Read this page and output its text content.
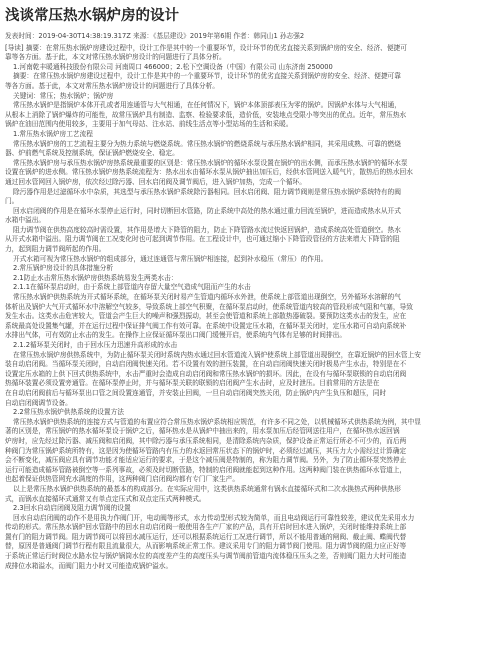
浅谈常压热水锅炉房的设计

发表时间：2019-04-30T14:38:19.317Z 来源：《基层建设》2019年第6期 作者：韩同山1 孙志强2

[导读] 摘要：在常压热水锅炉房建设过程中，设计工作是其中的一个重要环节，设计环节的优劣直接关系到锅炉房的安全、经济、便捷可

靠等各方面。基于此，本文对常压热水锅炉房设计的问题进行了具体分析。

1.河南乾丰暖通科技股份有限公司 河南周口 466000；2.松下空调设备（中国）有限公司 山东济南 250000

摘要：在常压热水锅炉房建设过程中，设计工作是其中的一个重要环节，设计环节的优劣直接关系到锅炉房的安全、经济、便捷可靠

等各方面。基于此，本文对常压热水锅炉房设计的问题进行了具体分析。

关键词：常压；热水锅炉；锅炉房

常压热水锅炉是指锅炉本体开孔或者用连通管与大气相通，在任何情况下，锅炉本体顶部表压为零的锅炉。因锅炉水体与大气相通，

从根本上消除了锅炉爆炸的可能性，故常压锅炉具有制造、监察、检验要求低，造价低，安装地点受限小等突出的优点。近年，常压热水

锅炉在油田范围内使用较多，主要用于加气母站、注水站、前线生活点等小型站场的生活和采暖。

1.常压热水锅炉房工艺流程

常压热水锅炉房的工艺流程主要分为热力系统与燃烧系统。常压热水锅炉的燃烧系统与承压热水锅炉相同，其采用成熟、可靠的燃烧

器、炉前燃气系统及控制系统，保证锅炉燃烧安全、稳定。

常压热水锅炉房与承压热水锅炉房热系统最重要的区别是：常压热水锅炉的循环水泵设置在锅炉的出水侧，而承压热水锅炉的循环水泵

设置在锅炉的进水侧。常压热水锅炉房热系统流程为：热水出水由循环水泵从锅炉抽出加压后，经供水管网送入暖气片，散热后的热水回水

通过回水管网回入锅炉房，依次经过除污器、回水启闭阀及调节阀后，进入锅炉加热，完成一个循环。

除污器作用是过滤循环水中杂质，其选型与承压热水锅炉系统除污器相同。回水启闭阀、阻力调节阀则是常压热水锅炉系统特有的阀

门。

回水启闭阀的作用是在循环水泵停止运行时，同时切断回水管路，防止系统中高处的热水通过重力回流至锅炉，进而造成热水从开式

水箱中溢出。

阻力调节阀在供热高度较高时需设置，其作用是增大下降管的阻力，防止下降管路水流过快返回锅炉，造成系统高处管道倒空。热水

从开式水箱中溢出。阻力调节阀在工况变化时也可起到调节作用。在工程设计中，也可通过缩小下降管段管径的方法来增大下降管的阻

力，起到阻力调节阀所起的作用。

开式水箱可视为常压热水锅炉的组成部分，通过连通管与常压锅炉相连接，起到补水稳压（常压）的作用。

2.常压锅炉房设计的具体措施分析

2.1防止水击常压热水锅炉房供热系统易发生两类水击：

2.1.1在循环泵启动时，由于系统上部管道内存留大量空气造成气阻而产生的水击

常压热水锅炉供热系统为开式循环系统，在循环泵关闭时易产生管道内循环水外泄，使系统上部管道出现倒空，另外循环水溶解的气

体析出及锅炉大气开式循环水中溶解空气较多，导致系统上部空气积聚，在循环泵启动时，使系统管道内较高的管段形成气阻和气塞，导致

发生水击。这类水击危害较大，管道会产生巨大的噪声和强烈振动，甚至会使管道和系统上部散热器破裂。要预防这类水击的发生，应在

系统最高处设置集气罐，并在运行过程中保证排气阀工作有效可靠。在系统中设置定压水箱，在循环泵关闭时，定压水箱可自动向系统补

水排出气体，可有效防止水击的发生。在操作上应保证循环泵出口阀门缓慢开启，使系统内气体有足够的时间排出。

2.1.2循环泵关闭时，由于回水压力迅速升高形成的水击

在常压热水锅炉房供热系统中，为防止循环泵关闭时系统内热水通过回水管道流入锅炉使系统上部管道出现倒空，在靠近锅炉的回水管上安

装自动启闭阀。当循环泵关闭时，自动启闭阀快速关闭。若不设置有效的泄压装置，在自动启闭阀快速关闭时极易产生水击，特别是在不

设置定压水箱的上供下回式供热系统中，水击严重时会造成自动启闭阀和常压热水锅炉的损坏。因此，在设有与循环泵联锁的自动启闭阀

热循环装置必须设置旁通管。在循环泵停止时，并与循环泵关联的联锁的启闭阀产生水击时，应及时泄压。目前常用的方法是在

在自动启闭阀前后与循环泵出口管之间设置连通管，并安装止回阀，一旦自动启闭阀突然关闭，防止锅炉内产生负压和超压，同时

自动启闭阀调节设备。

2.2常压热水锅炉供热系统的设置方法

常压热水锅炉供热系统的连接方式与管道的布置应符合常压热水锅炉系统相应规范，有许多不同之处，以机械循环式供热系统为例，其中显

著的区别是，常压锅炉的热水循环泵设于锅炉之后，循环热水是从锅炉中抽出来的，用水泵加压后经管网送往用户，在循环热水返回锅

炉房时，应先经过除污器、减压阀和启闭阀，其中除污器与承压系统相同，是清除系统内杂质，保护设备正常运行所必不可少的，而后两

种阀门为常压锅炉系统所特有，这是因为使循环管路内有压力的水返回常压状态下的锅炉时，必须经过减压，其压力大小需经过计算确定

会不断变化，减压阀应具有调节功能才能适应运行的要求，于是这个减压阀是特制的，称为阻力调节阀。另外，为了防止循环泵突然停止

运行可能造成循环管路被倒空等一系列事故，必须及时切断管路，特制的启闭阀就能起到这种作用。这两种阀门装在供热循环水管道上，

也起着保证供热管网充水满度的作用，这两种阀门启闭阀均都有专门厂家生产。

以上是常压热水锅炉供热系统的最基本的构成部分。在实际应用中，这类供热系统通常有锅水直接循环式和二次水换热式两种供热形

式，而锅水直接循环式通常又有单点定压式和双点定压式两种模式。

2.3回水自动启闭阀及阻力调节阀的设置

回水自动启闭阀的动作不是用执力作阀门开，电动阀等形式，水力传动型形式较为简单，而且电动阀运行可靠性较差，建议优先采用水力

传动的形式。常压热水锅炉回水管路中的回水自动启闭阀一般使用各生产厂家的产品，具有开启时回水进入锅炉，关闭时能维持系统上部

置有门的阻力调节阀。阻力调节阀可以将回水减压运行，还可以根据系统运行工况进行调节，所以不能用普通的闸阀、截止阀、蝶阀代替

替，原因是普通阀门调节行程有限且流量很大，从而影响系统正常工作。建议采用专门的阻力调节阀门使用。阻力调节阀的阻力应正好等

于系统正常运行时阀位水路水位与锅炉锅筒水位的高度差产生的高度压头与调节阀前管道内流体稳压压头之差，否则阀门阻力大时可能造

成排位水箱溢水，而阀门阻力小时又可能造成锅炉溢水。
